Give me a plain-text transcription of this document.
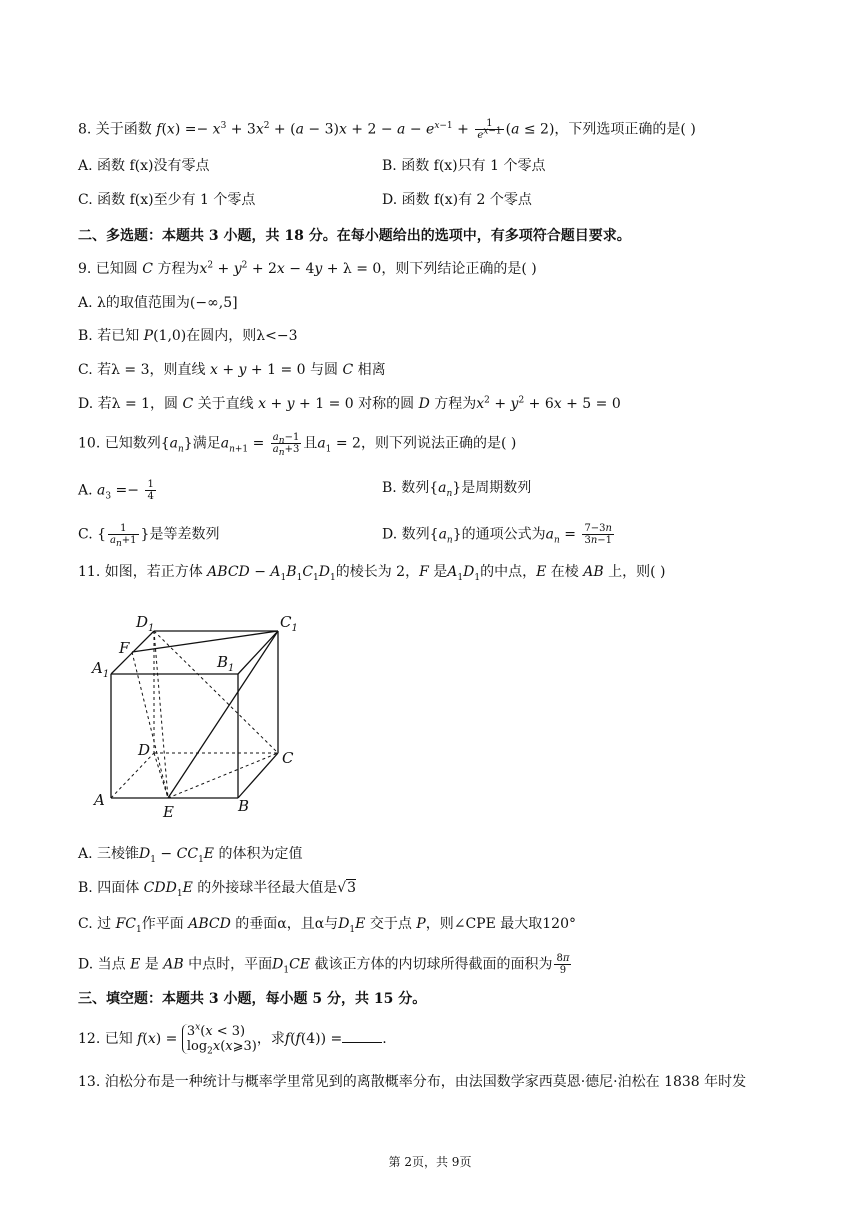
8. 关于函数 $f(x) =- x^3 + 3x^2 + (a - 3)x + 2 - a - e^{x-1} + \frac{1}{e^{x-1}} (a \le 2)$，下列选项正确的是( )
A. 函数 f(x)没有零点	B. 函数 f(x)只有 1 个零点
C. 函数 f(x)至少有 1 个零点	D. 函数 f(x)有 2 个零点
二、多选题：本题共 3 小题，共 18 分。在每小题给出的选项中，有多项符合题目要求。
9. 已知圆 C 方程为$x^2 + y^2 + 2x - 4y + \lambda = 0$，则下列结论正确的是( )
A. λ的取值范围为(−∞,5]
B. 若已知 P(1,0)在圆内，则λ<−3
C. 若λ = 3，则直线 x + y + 1 = 0 与圆 C 相离
D. 若λ = 1，圆 C 关于直线 x + y + 1 = 0 对称的圆 D 方程为$x^2 + y^2 + 6x + 5 = 0$
10. 已知数列$\{a_n\}$满足$a_{n+1} = \frac{a_n-1}{a_n+3}$ 且$a_1 = 2$，则下列说法正确的是( )
A. $a_3 =- \frac{1}{4}$	B. 数列$\{a_n\}$是周期数列
C. { $\frac{1}{a_n+1}$ }是等差数列	D. 数列$\{a_n\}$的通项公式为$a_n = \frac{7-3n}{3n-1}$
11. 如图，若正方体 ABCD − $A_1B_1C_1D_1$的棱长为 2，F 是$A_1D_1$的中点，E 在棱 AB 上，则( )
$D_1$	$C_1$
F
$B_1$
$A_1$
D	C
A
E	B
A. 三棱锥$D_1 - CC_1E$ 的体积为定值
B. 四面体 $CDD_1E$ 的外接球半径最大值是√3
C. 过 $FC_1$作平面 ABCD 的垂面α，且α与$D_1E$ 交于点 P，则∠CPE 最大取120°
D. 当点 E 是 AB 中点时，平面$D_1CE$ 截该正方体的内切球所得截面的面积为 $\frac{8\pi}{9}$
三、填空题：本题共 3 小题，每小题 5 分，共 15 分。
12. 已知 $f(x) = 3^x(x < 3)$
$\log_2x(x⩾3)$ ，求f(f(4)) =	.
13. 泊松分布是一种统计与概率学里常见到的离散概率分布，由法国数学家西莫恩·德尼·泊松在 1838 年时发
第 2页，共 9页
